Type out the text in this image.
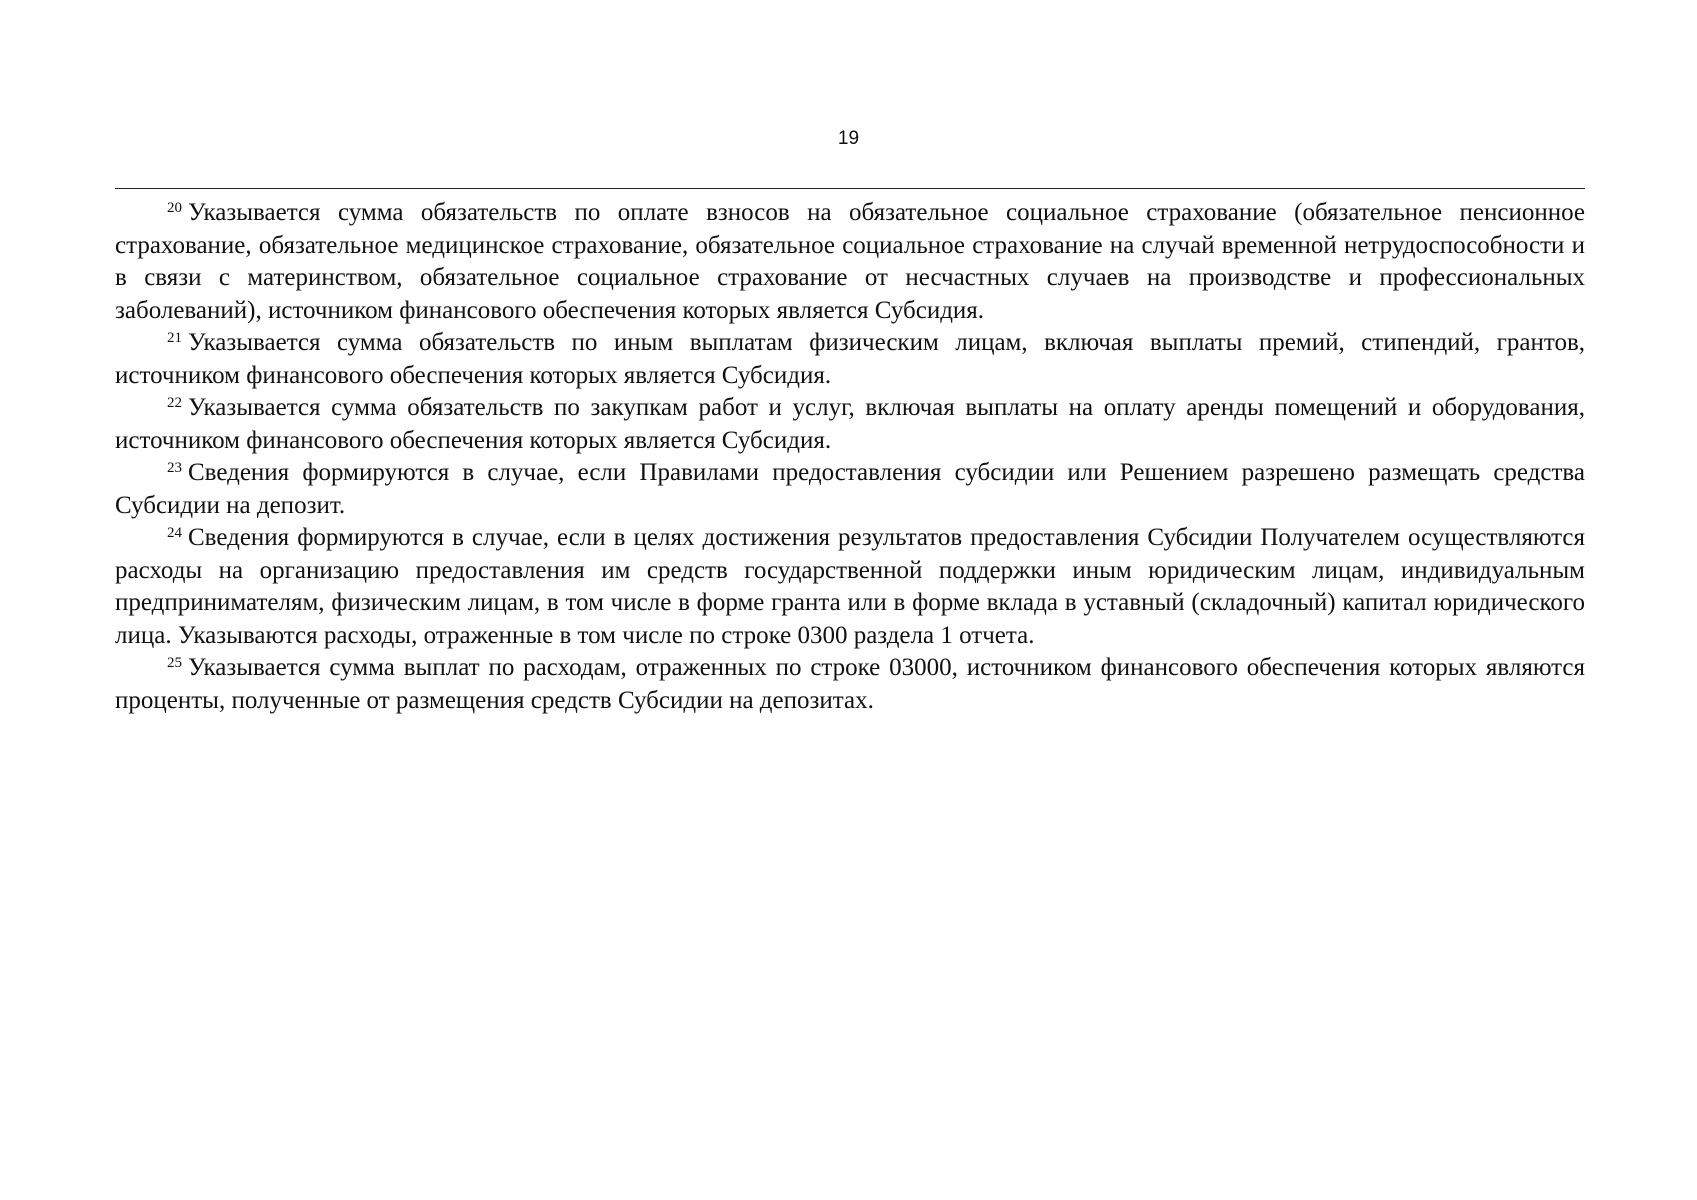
19

$^{20}$ Указывается сумма обязательств по оплате взносов на обязательное социальное страхование (обязательное пенсионное страхование, обязательное медицинское страхование, обязательное социальное страхование на случай временной нетрудоспособности и в связи с материнством, обязательное социальное страхование от несчастных случаев на производстве и профессиональных заболеваний), источником финансового обеспечения которых является Субсидия.

$^{21}$ Указывается сумма обязательств по иным выплатам физическим лицам, включая выплаты премий, стипендий, грантов, источником финансового обеспечения которых является Субсидия.

$^{22}$ Указывается сумма обязательств по закупкам работ и услуг, включая выплаты на оплату аренды помещений и оборудования, источником финансового обеспечения которых является Субсидия.

$^{23}$ Сведения формируются в случае, если Правилами предоставления субсидии или Решением разрешено размещать средства Субсидии на депозит.

$^{24}$ Сведения формируются в случае, если в целях достижения результатов предоставления Субсидии Получателем осуществляются расходы на организацию предоставления им средств государственной поддержки иным юридическим лицам, индивидуальным предпринимателям, физическим лицам, в том числе в форме гранта или в форме вклада в уставный (складочный) капитал юридического лица. Указываются расходы, отраженные в том числе по строке 0300 раздела 1 отчета.

$^{25}$ Указывается сумма выплат по расходам, отраженных по строке 03000, источником финансового обеспечения которых являются проценты, полученные от размещения средств Субсидии на депозитах.
